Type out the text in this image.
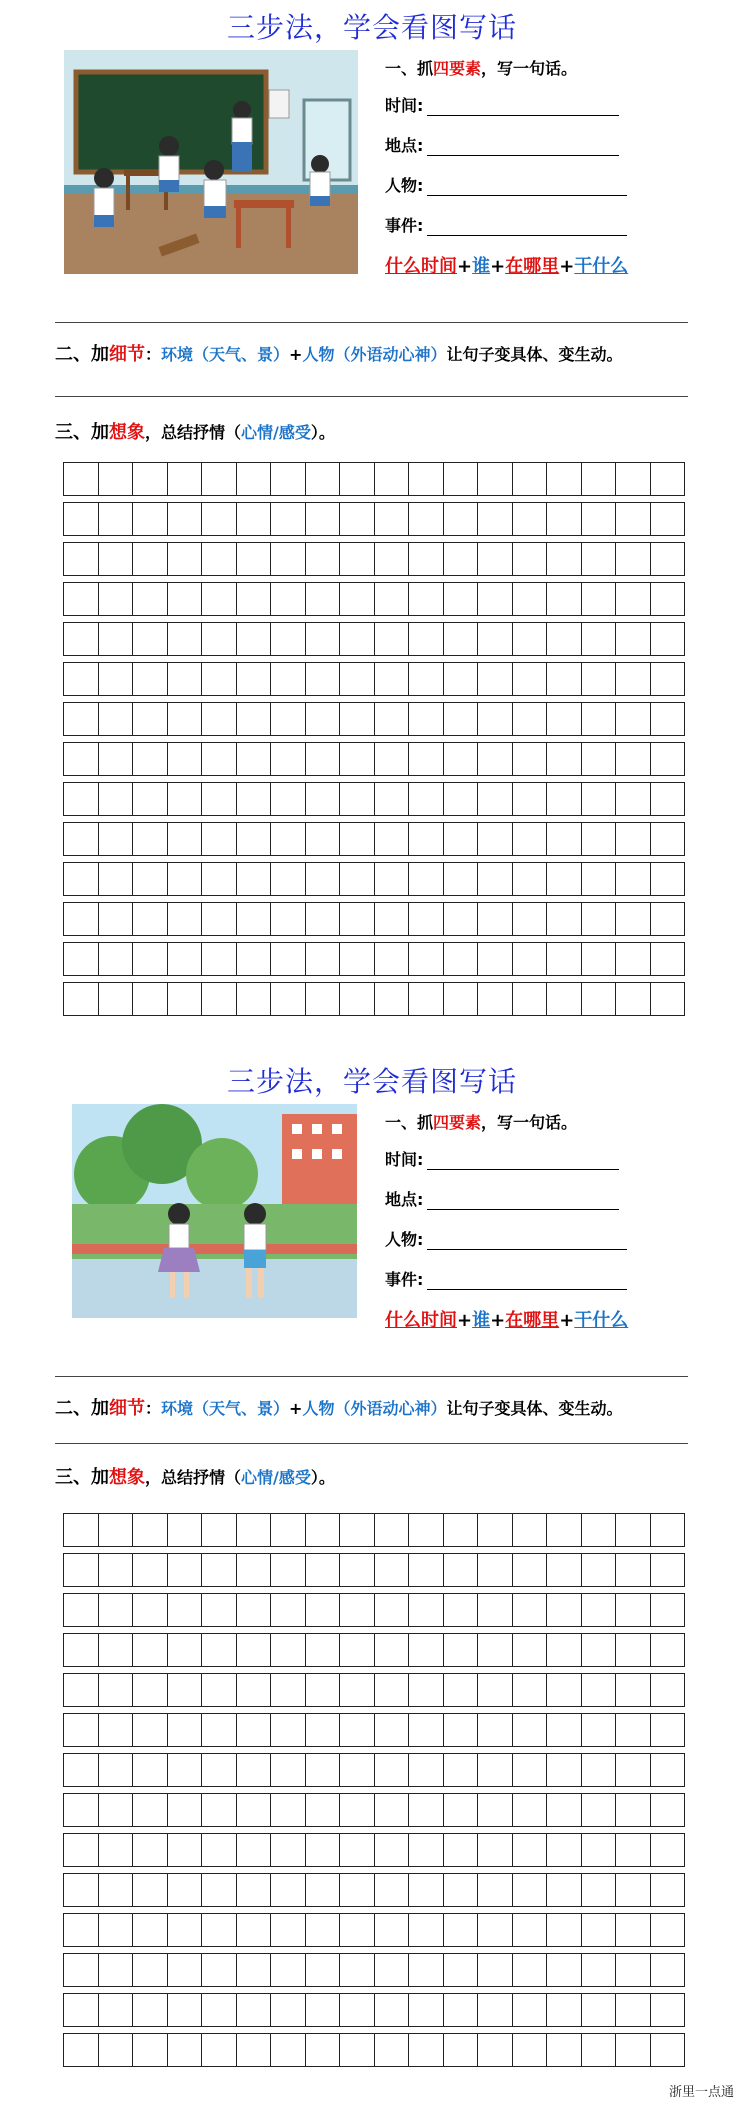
三步法，学会看图写话
一、抓四要素，写一句话。
时间:
地点:
人物:
事件:
什么时间+谁+在哪里+干什么
二、加细节：环境（天气、景）+人物（外语动心神）让句子变具体、变生动。
三、加想象，总结抒情（心情/感受）。
三步法，学会看图写话
一、抓四要素，写一句话。
时间:
地点:
人物:
事件:
什么时间+谁+在哪里+干什么
二、加细节：环境（天气、景）+人物（外语动心神）让句子变具体、变生动。
三、加想象，总结抒情（心情/感受）。
浙里一点通
